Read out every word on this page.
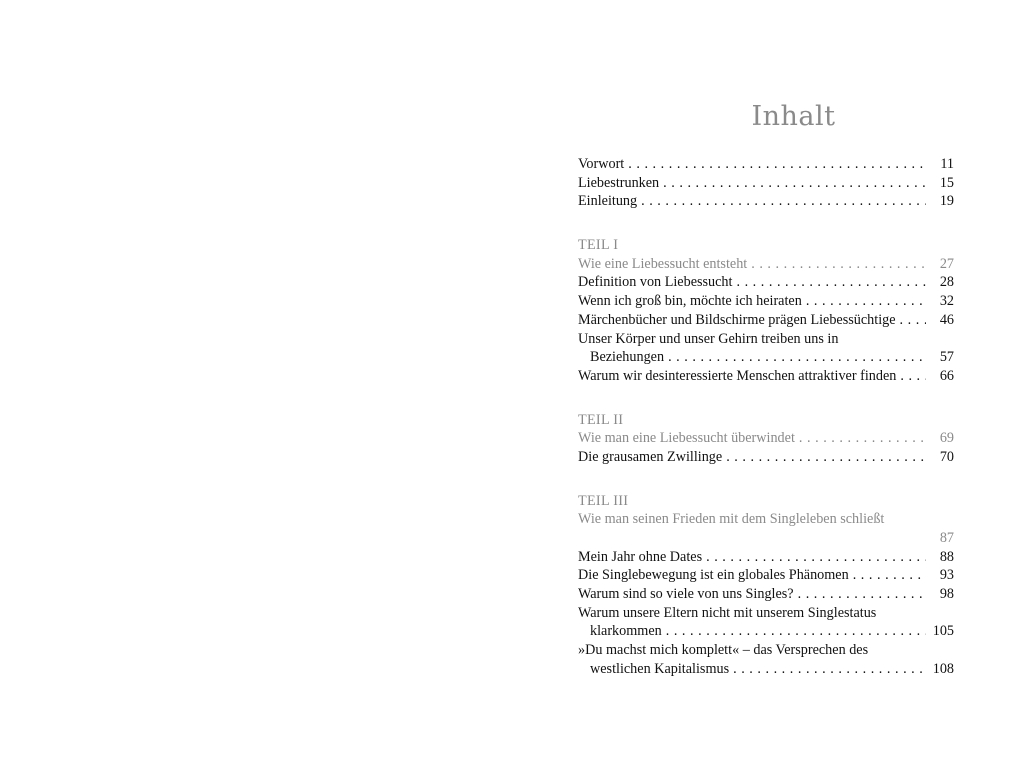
Inhalt
Vorwort . . .	11
Liebestrunken . . .	15
Einleitung . . .	19
TEIL I
Wie eine Liebessucht entsteht . . .	27
Definition von Liebessucht . . .	28
Wenn ich groß bin, möchte ich heiraten . . .	32
Märchenbücher und Bildschirme prägen Liebessüchtige . . .	46
Unser Körper und unser Gehirn treiben uns in
Beziehungen . . .	57
Warum wir desinteressierte Menschen attraktiver finden . . .	66
TEIL II
Wie man eine Liebessucht überwindet . . .	69
Die grausamen Zwillinge . . .	70
TEIL III
Wie man seinen Frieden mit dem Singleleben schließt
87
Mein Jahr ohne Dates . . .	88
Die Singlebewegung ist ein globales Phänomen . . .	93
Warum sind so viele von uns Singles? . . .	98
Warum unsere Eltern nicht mit unserem Singlestatus
klarkommen . . .	105
»Du machst mich komplett« – das Versprechen des
westlichen Kapitalismus . . .	108
